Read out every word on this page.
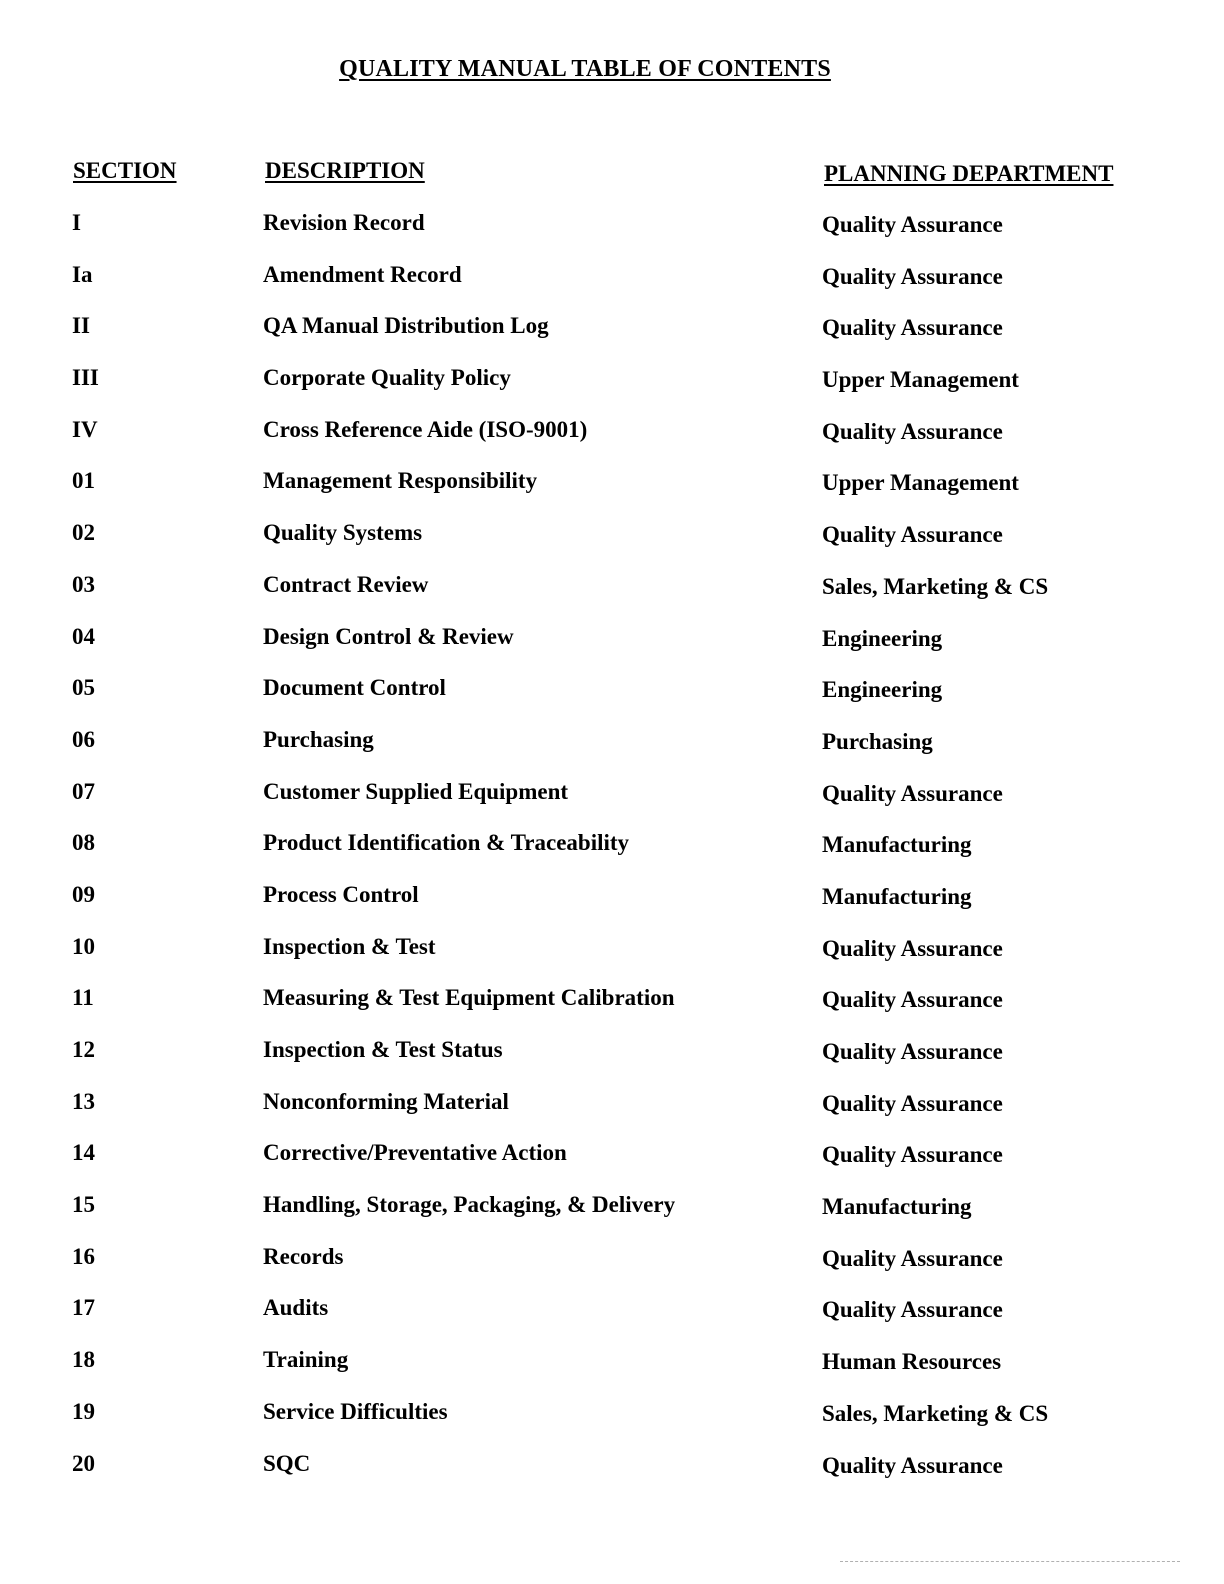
QUALITY MANUAL TABLE OF CONTENTS
SECTION	DESCRIPTION	PLANNING DEPARTMENT
I	Revision Record	Quality Assurance
Ia	Amendment Record	Quality Assurance
II	QA Manual Distribution Log	Quality Assurance
III	Corporate Quality Policy	Upper Management
IV	Cross Reference Aide (ISO-9001)	Quality Assurance
01	Management Responsibility	Upper Management
02	Quality Systems	Quality Assurance
03	Contract Review	Sales, Marketing & CS
04	Design Control & Review	Engineering
05	Document Control	Engineering
06	Purchasing	Purchasing
07	Customer Supplied Equipment	Quality Assurance
08	Product Identification & Traceability	Manufacturing
09	Process Control	Manufacturing
10	Inspection & Test	Quality Assurance
11	Measuring & Test Equipment Calibration	Quality Assurance
12	Inspection & Test Status	Quality Assurance
13	Nonconforming Material	Quality Assurance
14	Corrective/Preventative Action	Quality Assurance
15	Handling, Storage, Packaging, & Delivery	Manufacturing
16	Records	Quality Assurance
17	Audits	Quality Assurance
18	Training	Human Resources
19	Service Difficulties	Sales, Marketing & CS
20	SQC	Quality Assurance
